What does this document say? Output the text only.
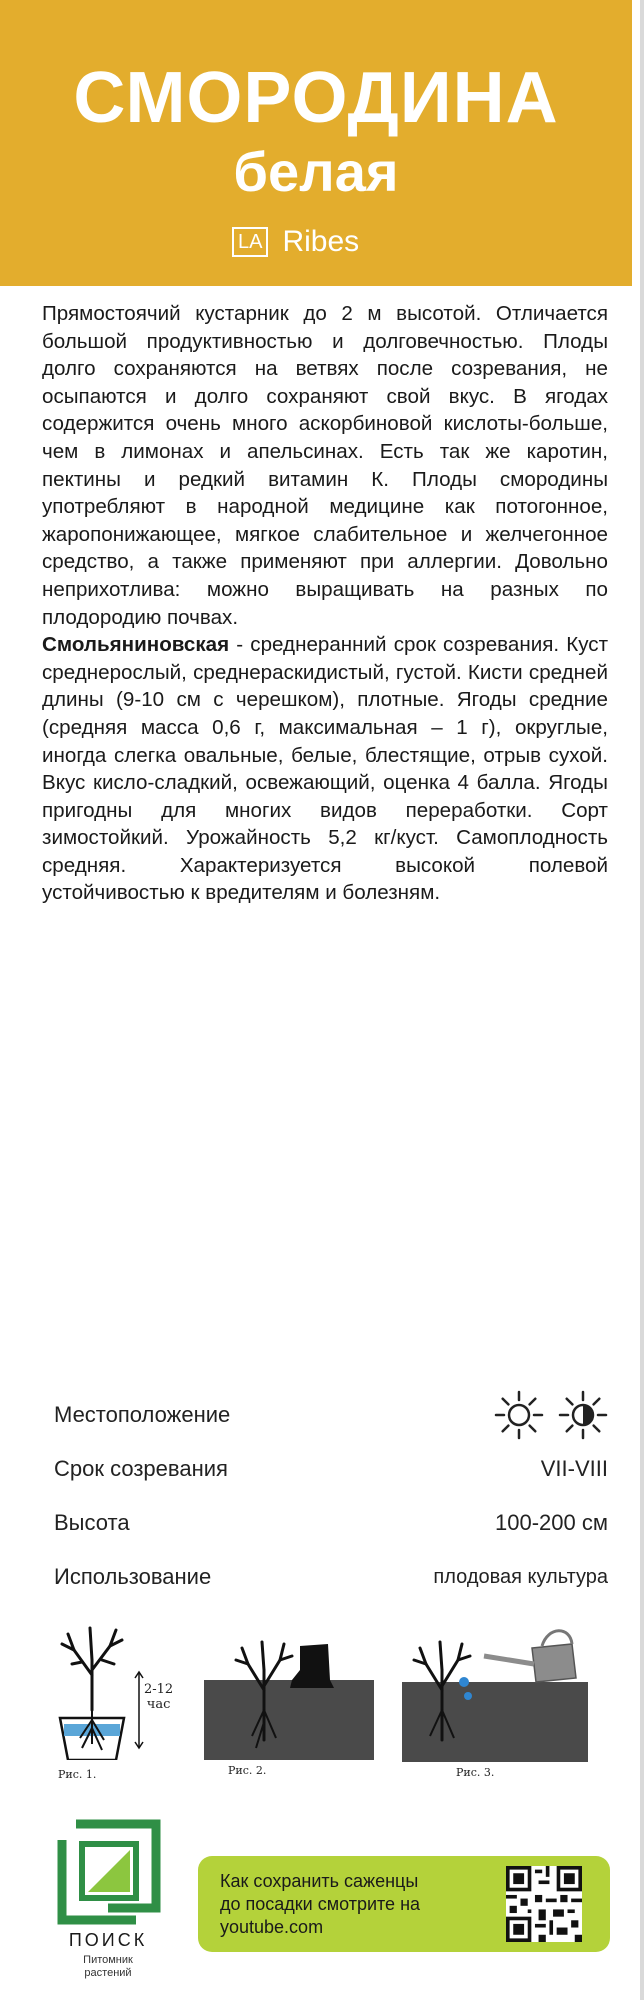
СМОРОДИНА
белая
LA Ribes

Прямостоячий кустарник до 2 м высотой. Отличается большой продуктивностью и долговечностью. Плоды долго сохраняются на ветвях после созревания, не осыпаются и долго сохраняют свой вкус. В ягодах содержится очень много аскорбиновой кислоты-больше, чем в лимонах и апельсинах. Есть так же каротин, пектины и редкий витамин К. Плоды смородины употребляют в народной медицине как потогонное, жаропонижающее, мягкое слабительное и желчегонное средство, а также применяют при аллергии. Довольно неприхотлива: можно выращивать на разных по плодородию почвах.

Смольяниновская - среднеранний срок созревания. Куст среднерослый, среднераскидистый, густой. Кисти средней длины (9-10 см с черешком), плотные. Ягоды средние (средняя масса 0,6 г, максимальная – 1 г), округлые, иногда слегка овальные, белые, блестящие, отрыв сухой. Вкус кисло-сладкий, освежающий, оценка 4 балла. Ягоды пригодны для многих видов переработки. Сорт зимостойкий. Урожайность 5,2 кг/куст. Самоплодность средняя. Характеризуется высокой полевой устойчивостью к вредителям и болезням.

Местоположение
Срок созревания	VII-VIII
Высота	100-200 см
Использование	плодовая культура
2-12
час
Рис. 1.	Рис. 2.	Рис. 3.
ПОИСК
Питомник
растений
Как сохранить саженцы
до посадки смотрите на
youtube.com
